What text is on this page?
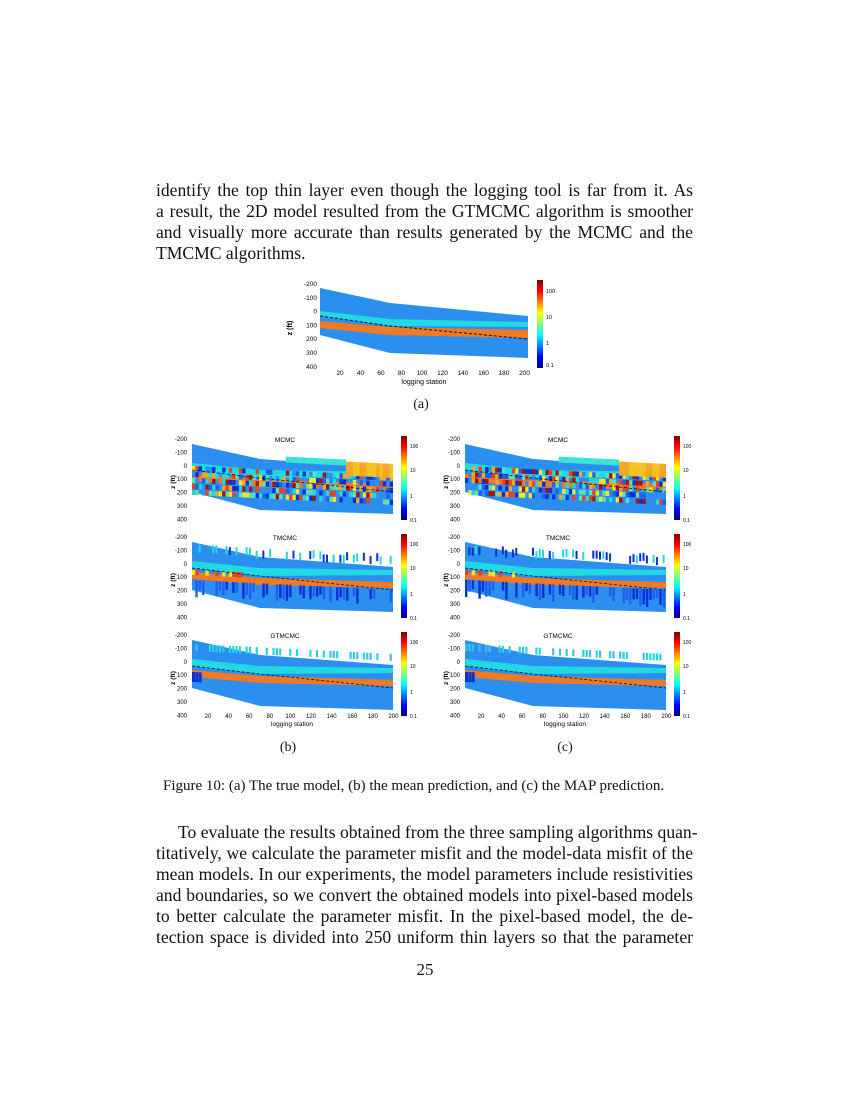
identify the top thin layer even though the logging tool is far from it. As
a result, the 2D model resulted from the GTMCMC algorithm is smoother
and visually more accurate than results generated by the MCMC and the
TMCMC algorithms.
-200
-100
0
100
200
300
400
z (ft)
20 40 60 80 100 120 140 160 180 200
logging station
100
10
1
0.1
(a)
-200
-100
0
100
200
300
400
z (ft)
MCMC
100
10
1
0.1
-200
-100
0
100
200
300
400
z (ft)
TMCMC
100
10
1
0.1
-200
-100
0
100
200
300
400
z (ft)
GTMCMC
100
10
1
0.1
20 40 60 80 100 120 140 160 180 200
logging station
(b)
-200
-100
0
100
200
300
400
z (ft)
MCMC
100
10
1
0.1
-200
-100
0
100
200
300
400
z (ft)
TMCMC
100
10
1
0.1
-200
-100
0
100
200
300
400
z (ft)
GTMCMC
100
10
1
0.1
20 40 60 80 100 120 140 160 180 200
logging station
(c)
Figure 10: (a) The true model, (b) the mean prediction, and (c) the MAP prediction.
To evaluate the results obtained from the three sampling algorithms quan-
titatively, we calculate the parameter misfit and the model-data misfit of the
mean models. In our experiments, the model parameters include resistivities
and boundaries, so we convert the obtained models into pixel-based models
to better calculate the parameter misfit. In the pixel-based model, the de-
tection space is divided into 250 uniform thin layers so that the parameter
25
